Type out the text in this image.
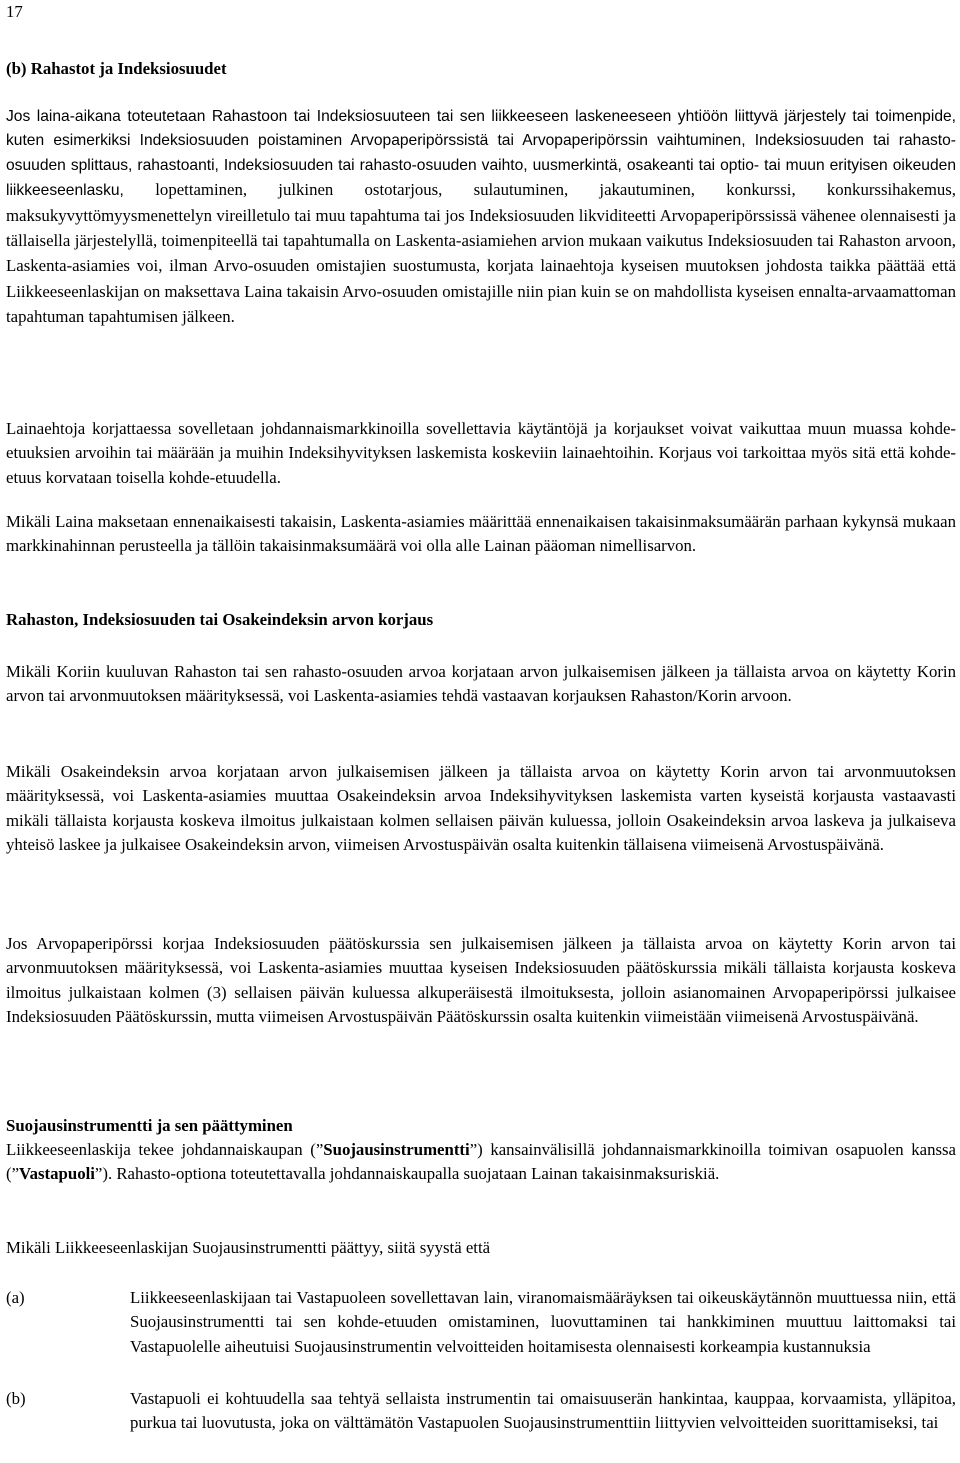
17

(b) Rahastot ja Indeksiosuudet

Jos laina-aikana toteutetaan Rahastoon tai Indeksiosuuteen tai sen liikkeeseen laskeneeseen yhtiöön liittyvä järjestely tai toimenpide, kuten esimerkiksi Indeksiosuuden poistaminen Arvopaperipörssistä tai Arvopaperipörssin vaihtuminen, Indeksiosuuden tai rahasto-osuuden splittaus, rahastoanti, Indeksiosuuden tai rahasto-osuuden vaihto, uusmerkintä, osakeanti tai optio- tai muun erityisen oikeuden liikkeeseenlasku, lopettaminen, julkinen ostotarjous, sulautuminen, jakautuminen, konkurssi, konkurssihakemus, maksukyvyttömyysmenettelyn vireilletulo tai muu tapahtuma tai jos Indeksiosuuden likviditeetti Arvopaperipörssissä vähenee olennaisesti ja tällaisella järjestelyllä, toimenpiteellä tai tapahtumalla on Laskenta-asiamiehen arvion mukaan vaikutus Indeksiosuuden tai Rahaston arvoon, Laskenta-asiamies voi, ilman Arvo-osuuden omistajien suostumusta, korjata lainaehtoja kyseisen muutoksen johdosta taikka päättää että Liikkeeseenlaskijan on maksettava Laina takaisin Arvo-osuuden omistajille niin pian kuin se on mahdollista kyseisen ennalta-arvaamattoman tapahtuman tapahtumisen jälkeen.

Lainaehtoja korjattaessa sovelletaan johdannaismarkkinoilla sovellettavia käytäntöjä ja korjaukset voivat vaikuttaa muun muassa kohde-etuuksien arvoihin tai määrään ja muihin Indeksihyvityksen laskemista koskeviin lainaehtoihin. Korjaus voi tarkoittaa myös sitä että kohde-etuus korvataan toisella kohde-etuudella.

Mikäli Laina maksetaan ennenaikaisesti takaisin, Laskenta-asiamies määrittää ennenaikaisen takaisinmaksumäärän parhaan kykynsä mukaan markkinahinnan perusteella ja tällöin takaisinmaksumäärä voi olla alle Lainan pääoman nimellisarvon.

Rahaston, Indeksiosuuden tai Osakeindeksin arvon korjaus

Mikäli Koriin kuuluvan Rahaston tai sen rahasto-osuuden arvoa korjataan arvon julkaisemisen jälkeen ja tällaista arvoa on käytetty Korin arvon tai arvonmuutoksen määrityksessä, voi Laskenta-asiamies tehdä vastaavan korjauksen Rahaston/Korin arvoon.

Mikäli Osakeindeksin arvoa korjataan arvon julkaisemisen jälkeen ja tällaista arvoa on käytetty Korin arvon tai arvonmuutoksen määrityksessä, voi Laskenta-asiamies muuttaa Osakeindeksin arvoa Indeksihyvityksen laskemista varten kyseistä korjausta vastaavasti mikäli tällaista korjausta koskeva ilmoitus julkaistaan kolmen sellaisen päivän kuluessa, jolloin Osakeindeksin arvoa laskeva ja julkaiseva yhteisö laskee ja julkaisee Osakeindeksin arvon, viimeisen Arvostuspäivän osalta kuitenkin tällaisena viimeisenä Arvostuspäivänä.

Jos Arvopaperipörssi korjaa Indeksiosuuden päätöskurssia sen julkaisemisen jälkeen ja tällaista arvoa on käytetty Korin arvon tai arvonmuutoksen määrityksessä, voi Laskenta-asiamies muuttaa kyseisen Indeksiosuuden päätöskurssia mikäli tällaista korjausta koskeva ilmoitus julkaistaan kolmen (3) sellaisen päivän kuluessa alkuperäisestä ilmoituksesta, jolloin asianomainen Arvopaperipörssi julkaisee Indeksiosuuden Päätöskurssin, mutta viimeisen Arvostuspäivän Päätöskurssin osalta kuitenkin viimeistään viimeisenä Arvostuspäivänä.

Suojausinstrumentti ja sen päättyminen

Liikkeeseenlaskija tekee johdannaiskaupan (”Suojausinstrumentti”) kansainvälisillä johdannaismarkkinoilla toimivan osapuolen kanssa (”Vastapuoli”). Rahasto-optiona toteutettavalla johdannaiskaupalla suojataan Lainan takaisinmaksuriskiä.

Mikäli Liikkeeseenlaskijan Suojausinstrumentti päättyy, siitä syystä että

(a)	Liikkeeseenlaskijaan tai Vastapuoleen sovellettavan lain, viranomaismääräyksen tai oikeuskäytännön muuttuessa niin, että Suojausinstrumentti tai sen kohde-etuuden omistaminen, luovuttaminen tai hankkiminen muuttuu laittomaksi tai Vastapuolelle aiheutuisi Suojausinstrumentin velvoitteiden hoitamisesta olennaisesti korkeampia kustannuksia
(b)	Vastapuoli ei kohtuudella saa tehtyä sellaista instrumentin tai omaisuuserän hankintaa, kauppaa, korvaamista, ylläpitoa, purkua tai luovutusta, joka on välttämätön Vastapuolen Suojausinstrumenttiin liittyvien velvoitteiden suorittamiseksi, tai
